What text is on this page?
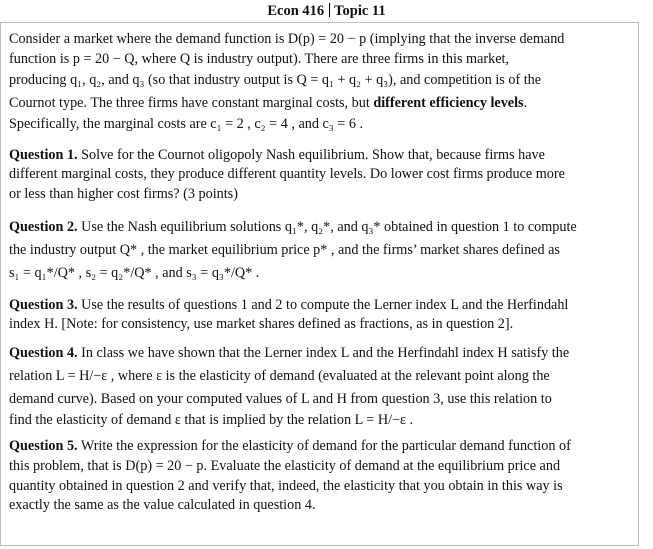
Econ 416 Topic 11

Consider a market where the demand function is D(p) = 20 − p (implying that the inverse demand

function is p = 20 − Q, where Q is industry output). There are three firms in this market,

producing q₁, q₂, and q₃ (so that industry output is Q = q₁ + q₂ + q₃), and competition is of the

Cournot type. The three firms have constant marginal costs, but different efficiency levels.

Specifically, the marginal costs are c₁ = 2 , c₂ = 4 , and c₃ = 6 .

Question 1. Solve for the Cournot oligopoly Nash equilibrium. Show that, because firms have

different marginal costs, they produce different quantity levels. Do lower cost firms produce more

or less than higher cost firms? (3 points)

Question 2. Use the Nash equilibrium solutions q₁*, q₂*, and q₃* obtained in question 1 to compute

the industry output Q* , the market equilibrium price p* , and the firms’ market shares defined as

s₁ = q₁*/Q* , s₂ = q₂*/Q* , and s₃ = q₃*/Q* .

Question 3. Use the results of questions 1 and 2 to compute the Lerner index L and the Herfindahl

index H. [Note: for consistency, use market shares defined as fractions, as in question 2].

Question 4. In class we have shown that the Lerner index L and the Herfindahl index H satisfy the

relation L = H/−ε , where ε is the elasticity of demand (evaluated at the relevant point along the

demand curve). Based on your computed values of L and H from question 3, use this relation to

find the elasticity of demand ε that is implied by the relation L = H/−ε .

Question 5. Write the expression for the elasticity of demand for the particular demand function of

this problem, that is D(p) = 20 − p. Evaluate the elasticity of demand at the equilibrium price and

quantity obtained in question 2 and verify that, indeed, the elasticity that you obtain in this way is

exactly the same as the value calculated in question 4.
